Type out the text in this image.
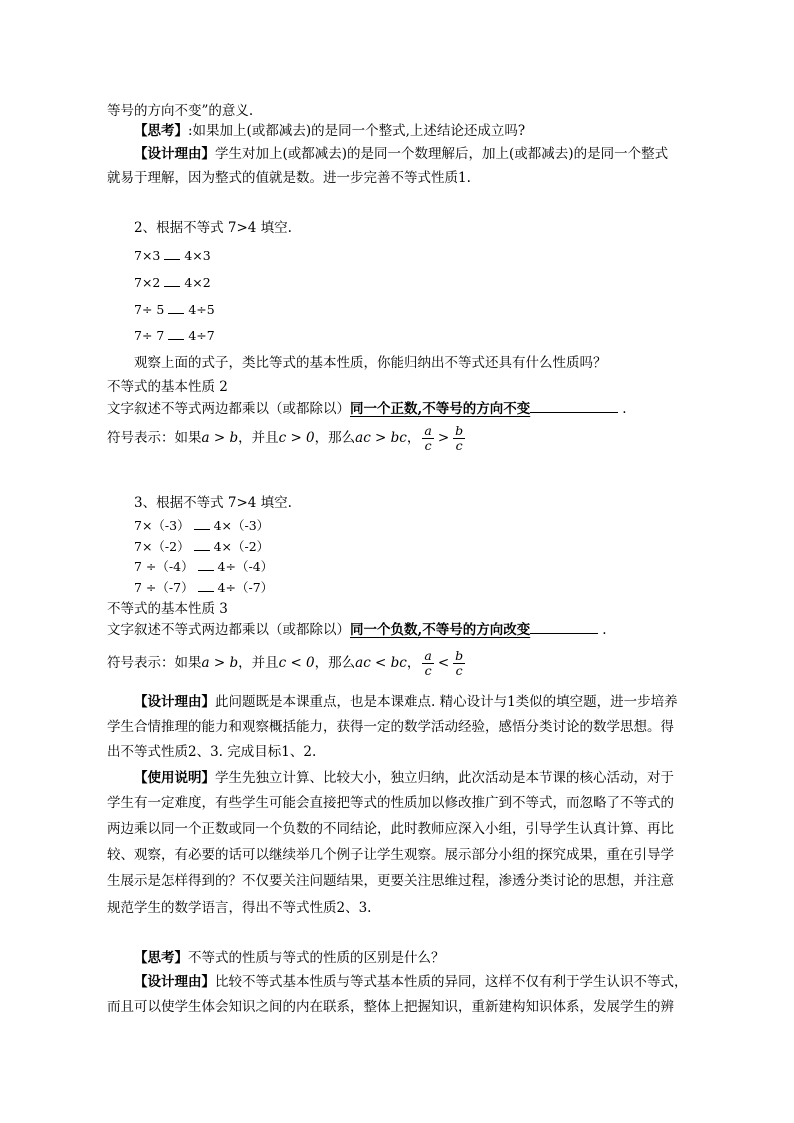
等号的方向不变”的意义.
【思考】:如果加上(或都减去)的是同一个整式,上述结论还成立吗?
【设计理由】学生对加上(或都减去)的是同一个数理解后，加上(或都减去)的是同一个整式
就易于理解，因为整式的值就是数。进一步完善不等式性质1.
2、根据不等式 7>4 填空.
7×3 4×3
7×2 4×2
7÷ 5 4÷5
7÷ 7 4÷7
观察上面的式子，类比等式的基本性质，你能归纳出不等式还具有什么性质吗？
不等式的基本性质 2
文字叙述不等式两边都乘以（或都除以）同一个正数,不等号的方向不变	.
符号表示：如果a > b，并且c > 0，那么ac > bc， $\frac{a}{c} > \frac{b}{c}$
3、根据不等式 7>4 填空.
7×（-3） 4×（-3）
7×（-2） 4×（-2）
7 ÷（-4） 4÷（-4）
7 ÷（-7） 4÷（-7）
不等式的基本性质 3
文字叙述不等式两边都乘以（或都除以）同一个负数,不等号的方向改变	.
符号表示：如果a > b，并且c < 0，那么ac < bc， $\frac{a}{c} < \frac{b}{c}$
【设计理由】此问题既是本课重点，也是本课难点. 精心设计与1类似的填空题，进一步培养
学生合情推理的能力和观察概括能力，获得一定的数学活动经验，感悟分类讨论的数学思想。得
出不等式性质2、3. 完成目标1、2.
【使用说明】学生先独立计算、比较大小，独立归纳，此次活动是本节课的核心活动，对于
学生有一定难度，有些学生可能会直接把等式的性质加以修改推广到不等式，而忽略了不等式的
两边乘以同一个正数或同一个负数的不同结论，此时教师应深入小组，引导学生认真计算、再比
较、观察，有必要的话可以继续举几个例子让学生观察。展示部分小组的探究成果，重在引导学
生展示是怎样得到的？不仅要关注问题结果，更要关注思维过程，渗透分类讨论的思想，并注意
规范学生的数学语言，得出不等式性质2、3.
【思考】不等式的性质与等式的性质的区别是什么？
【设计理由】比较不等式基本性质与等式基本性质的异同，这样不仅有利于学生认识不等式，
而且可以使学生体会知识之间的内在联系，整体上把握知识，重新建构知识体系，发展学生的辨
